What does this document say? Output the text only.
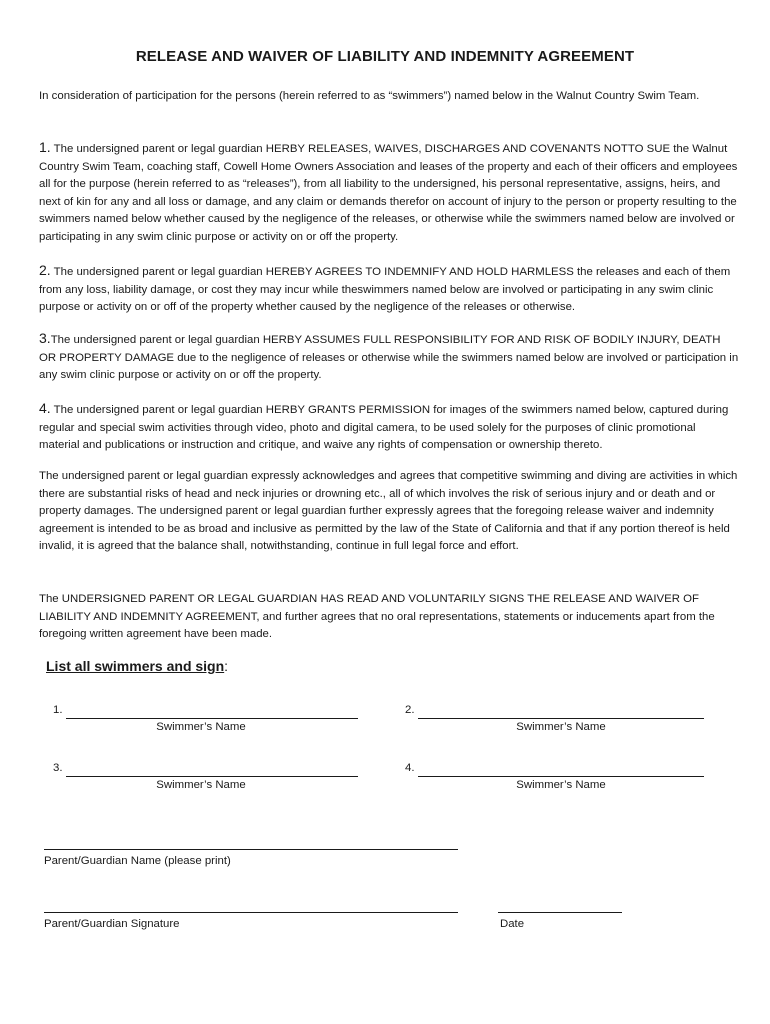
RELEASE AND WAIVER OF LIABILITY AND INDEMNITY AGREEMENT

In consideration of participation for the persons (herein referred to as “swimmers”) named below in the Walnut Country Swim Team.

1. The undersigned parent or legal guardian HERBY RELEASES, WAIVES, DISCHARGES AND COVENANTS NOTTO SUE the Walnut Country Swim Team, coaching staff, Cowell Home Owners Association and leases of the property and each of their officers and employees all for the purpose (herein referred to as “releases”), from all liability to the undersigned, his personal representative, assigns, heirs, and next of kin for any and all loss or damage, and any claim or demands therefor on account of injury to the person or property resulting to the swimmers named below whether caused by the negligence of the releases, or otherwise while the swimmers named below are involved or participating in any swim clinic purpose or activity on or off the property.

2. The undersigned parent or legal guardian HEREBY AGREES TO INDEMNIFY AND HOLD HARMLESS the releases and each of them from any loss, liability damage, or cost they may incur while theswimmers named below are involved or participating in any swim clinic purpose or activity on or off of the property whether caused by the negligence of the releases or otherwise.

3.The undersigned parent or legal guardian HERBY ASSUMES FULL RESPONSIBILITY FOR AND RISK OF BODILY INJURY, DEATH OR PROPERTY DAMAGE due to the negligence of releases or otherwise while the swimmers named below are involved or participation in any swim clinic purpose or activity on or off the property.

4. The undersigned parent or legal guardian HERBY GRANTS PERMISSION for images of the swimmers named below, captured during regular and special swim activities through video, photo and digital camera, to be used solely for the purposes of clinic promotional material and publications or instruction and critique, and waive any rights of compensation or ownership thereto.

The undersigned parent or legal guardian expressly acknowledges and agrees that competitive swimming and diving are activities in which there are substantial risks of head and neck injuries or drowning etc., all of which involves the risk of serious injury and or death and or property damages. The undersigned parent or legal guardian further expressly agrees that the foregoing release waiver and indemnity agreement is intended to be as broad and inclusive as permitted by the law of the State of California and that if any portion thereof is held invalid, it is agreed that the balance shall, notwithstanding, continue in full legal force and effort.

The UNDERSIGNED PARENT OR LEGAL GUARDIAN HAS READ AND VOLUNTARILY SIGNS THE RELEASE AND WAIVER OF LIABILITY AND INDEMNITY AGREEMENT, and further agrees that no oral representations, statements or inducements apart from the foregoing written agreement have been made.

List all swimmers and sign:
1.
Swimmer’s Name
2.
Swimmer’s Name
3.
Swimmer’s Name
4.
Swimmer’s Name
Parent/Guardian Name (please print)
Parent/Guardian Signature	Date
